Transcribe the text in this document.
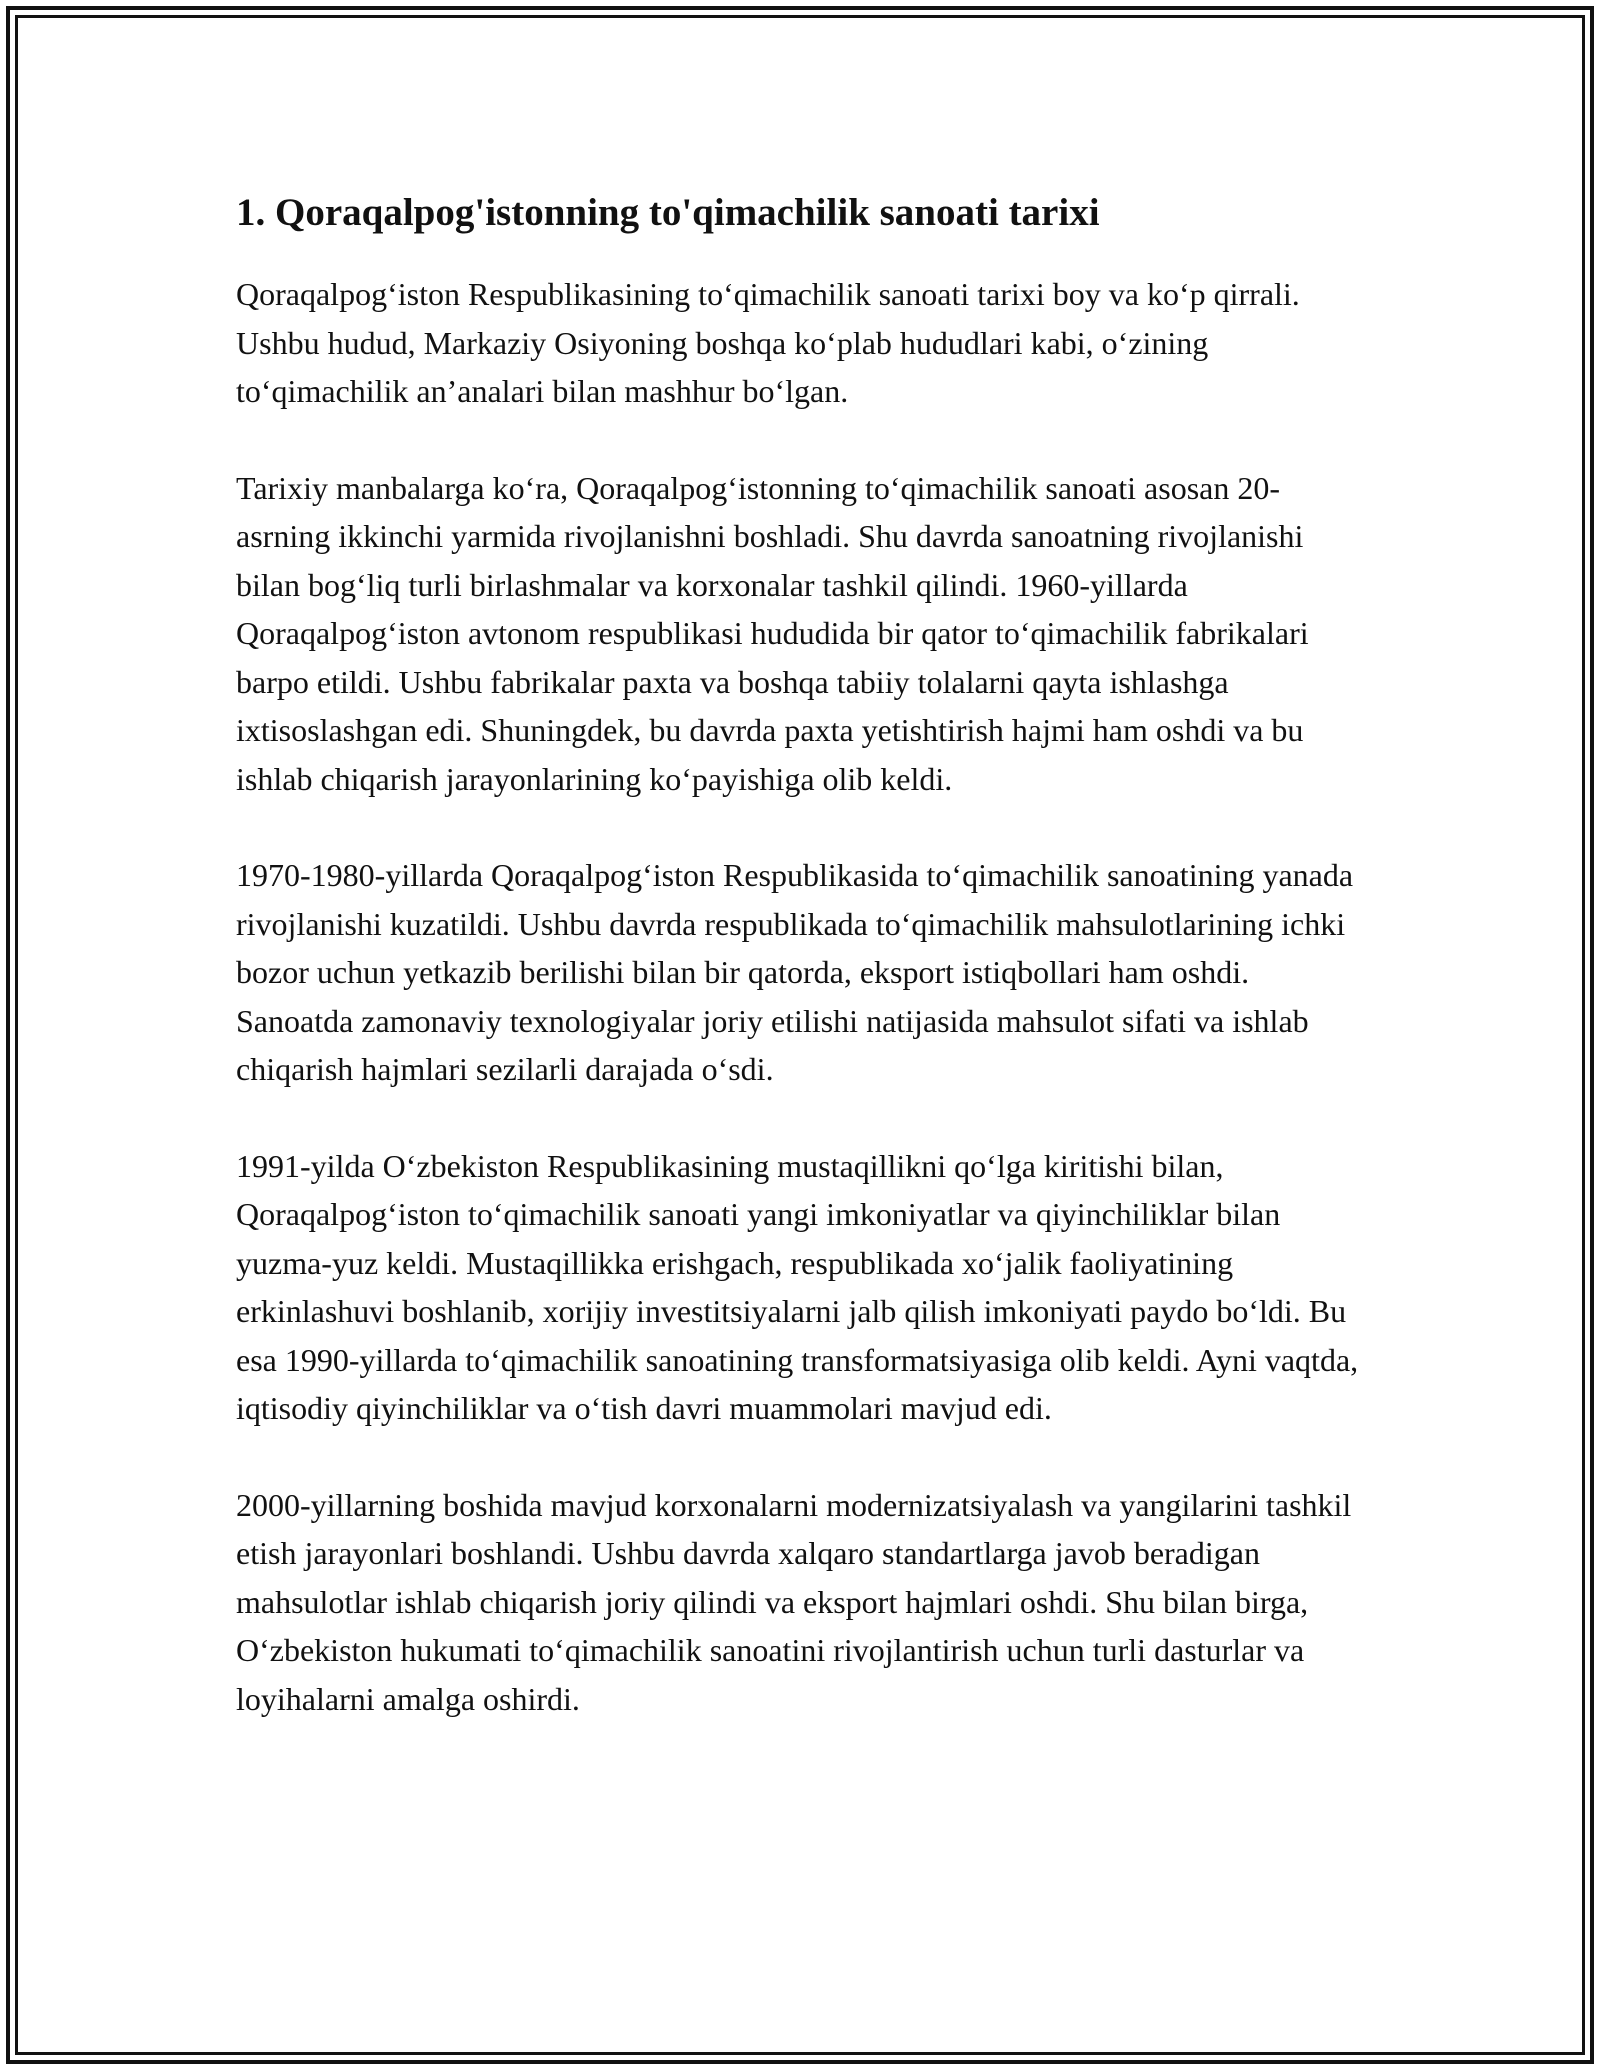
1. Qoraqalpog'istonning to'qimachilik sanoati tarixi

Qoraqalpog‘iston Respublikasining to‘qimachilik sanoati tarixi boy va ko‘p qirrali. Ushbu hudud, Markaziy Osiyoning boshqa ko‘plab hududlari kabi, o‘zining to‘qimachilik an’analari bilan mashhur bo‘lgan.

Tarixiy manbalarga ko‘ra, Qoraqalpog‘istonning to‘qimachilik sanoati asosan 20-asrning ikkinchi yarmida rivojlanishni boshladi. Shu davrda sanoatning rivojlanishi bilan bog‘liq turli birlashmalar va korxonalar tashkil qilindi. 1960-yillarda Qoraqalpog‘iston avtonom respublikasi hududida bir qator to‘qimachilik fabrikalari barpo etildi. Ushbu fabrikalar paxta va boshqa tabiiy tolalarni qayta ishlashga ixtisoslashgan edi. Shuningdek, bu davrda paxta yetishtirish hajmi ham oshdi va bu ishlab chiqarish jarayonlarining ko‘payishiga olib keldi.

1970-1980-yillarda Qoraqalpog‘iston Respublikasida to‘qimachilik sanoatining yanada rivojlanishi kuzatildi. Ushbu davrda respublikada to‘qimachilik mahsulotlarining ichki bozor uchun yetkazib berilishi bilan bir qatorda, eksport istiqbollari ham oshdi. Sanoatda zamonaviy texnologiyalar joriy etilishi natijasida mahsulot sifati va ishlab chiqarish hajmlari sezilarli darajada o‘sdi.

1991-yilda O‘zbekiston Respublikasining mustaqillikni qo‘lga kiritishi bilan, Qoraqalpog‘iston to‘qimachilik sanoati yangi imkoniyatlar va qiyinchiliklar bilan yuzma-yuz keldi. Mustaqillikka erishgach, respublikada xo‘jalik faoliyatining erkinlashuvi boshlanib, xorijiy investitsiyalarni jalb qilish imkoniyati paydo bo‘ldi. Bu esa 1990-yillarda to‘qimachilik sanoatining transformatsiyasiga olib keldi. Ayni vaqtda, iqtisodiy qiyinchiliklar va o‘tish davri muammolari mavjud edi.

2000-yillarning boshida mavjud korxonalarni modernizatsiyalash va yangilarini tashkil etish jarayonlari boshlandi. Ushbu davrda xalqaro standartlarga javob beradigan mahsulotlar ishlab chiqarish joriy qilindi va eksport hajmlari oshdi. Shu bilan birga, O‘zbekiston hukumati to‘qimachilik sanoatini rivojlantirish uchun turli dasturlar va loyihalarni amalga oshirdi.
